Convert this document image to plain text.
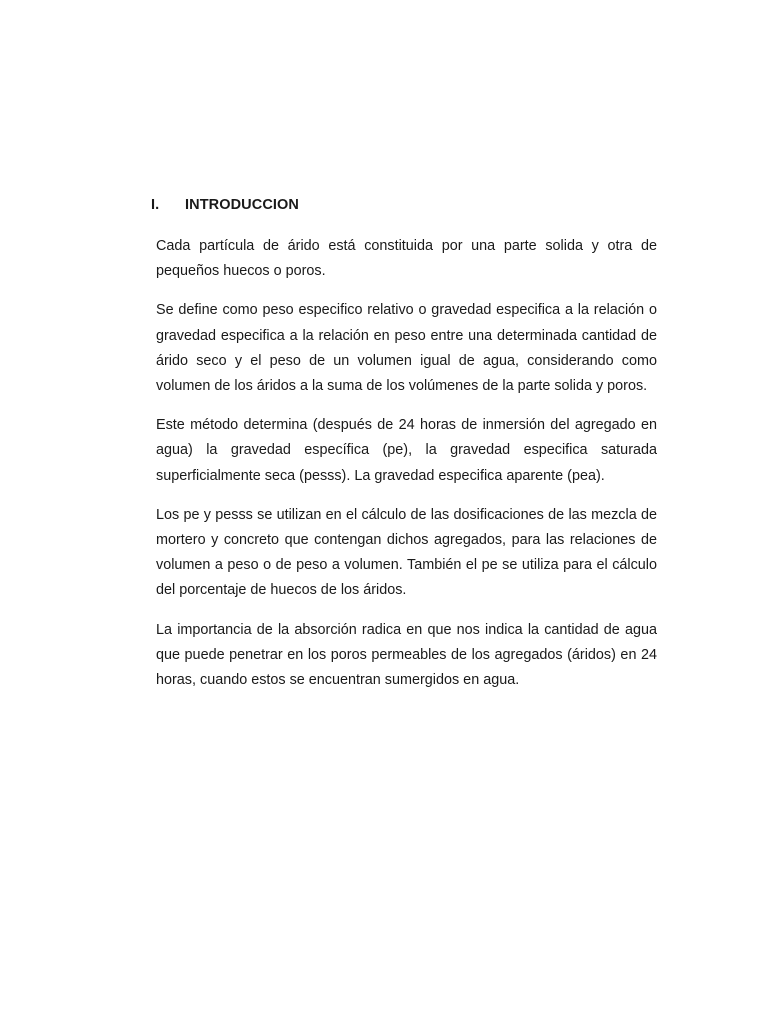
I. INTRODUCCION

Cada partícula de árido está constituida por una parte solida y otra de pequeños huecos o poros.

Se define como peso especifico relativo o gravedad especifica a la relación o gravedad especifica a la relación en peso entre una determinada cantidad de árido seco y el peso de un volumen igual de agua, considerando como volumen de los áridos a la suma de los volúmenes de la parte solida y poros.

Este método determina (después de 24 horas de inmersión del agregado en agua) la gravedad específica (pe), la gravedad especifica saturada superficialmente seca (pesss). La gravedad especifica aparente (pea).

Los pe y pesss se utilizan en el cálculo de las dosificaciones de las mezcla de mortero y concreto que contengan dichos agregados, para las relaciones de volumen a peso o de peso a volumen. También el pe se utiliza para el cálculo del porcentaje de huecos de los áridos.

La importancia de la absorción radica en que nos indica la cantidad de agua que puede penetrar en los poros permeables de los agregados (áridos) en 24 horas, cuando estos se encuentran sumergidos en agua.
